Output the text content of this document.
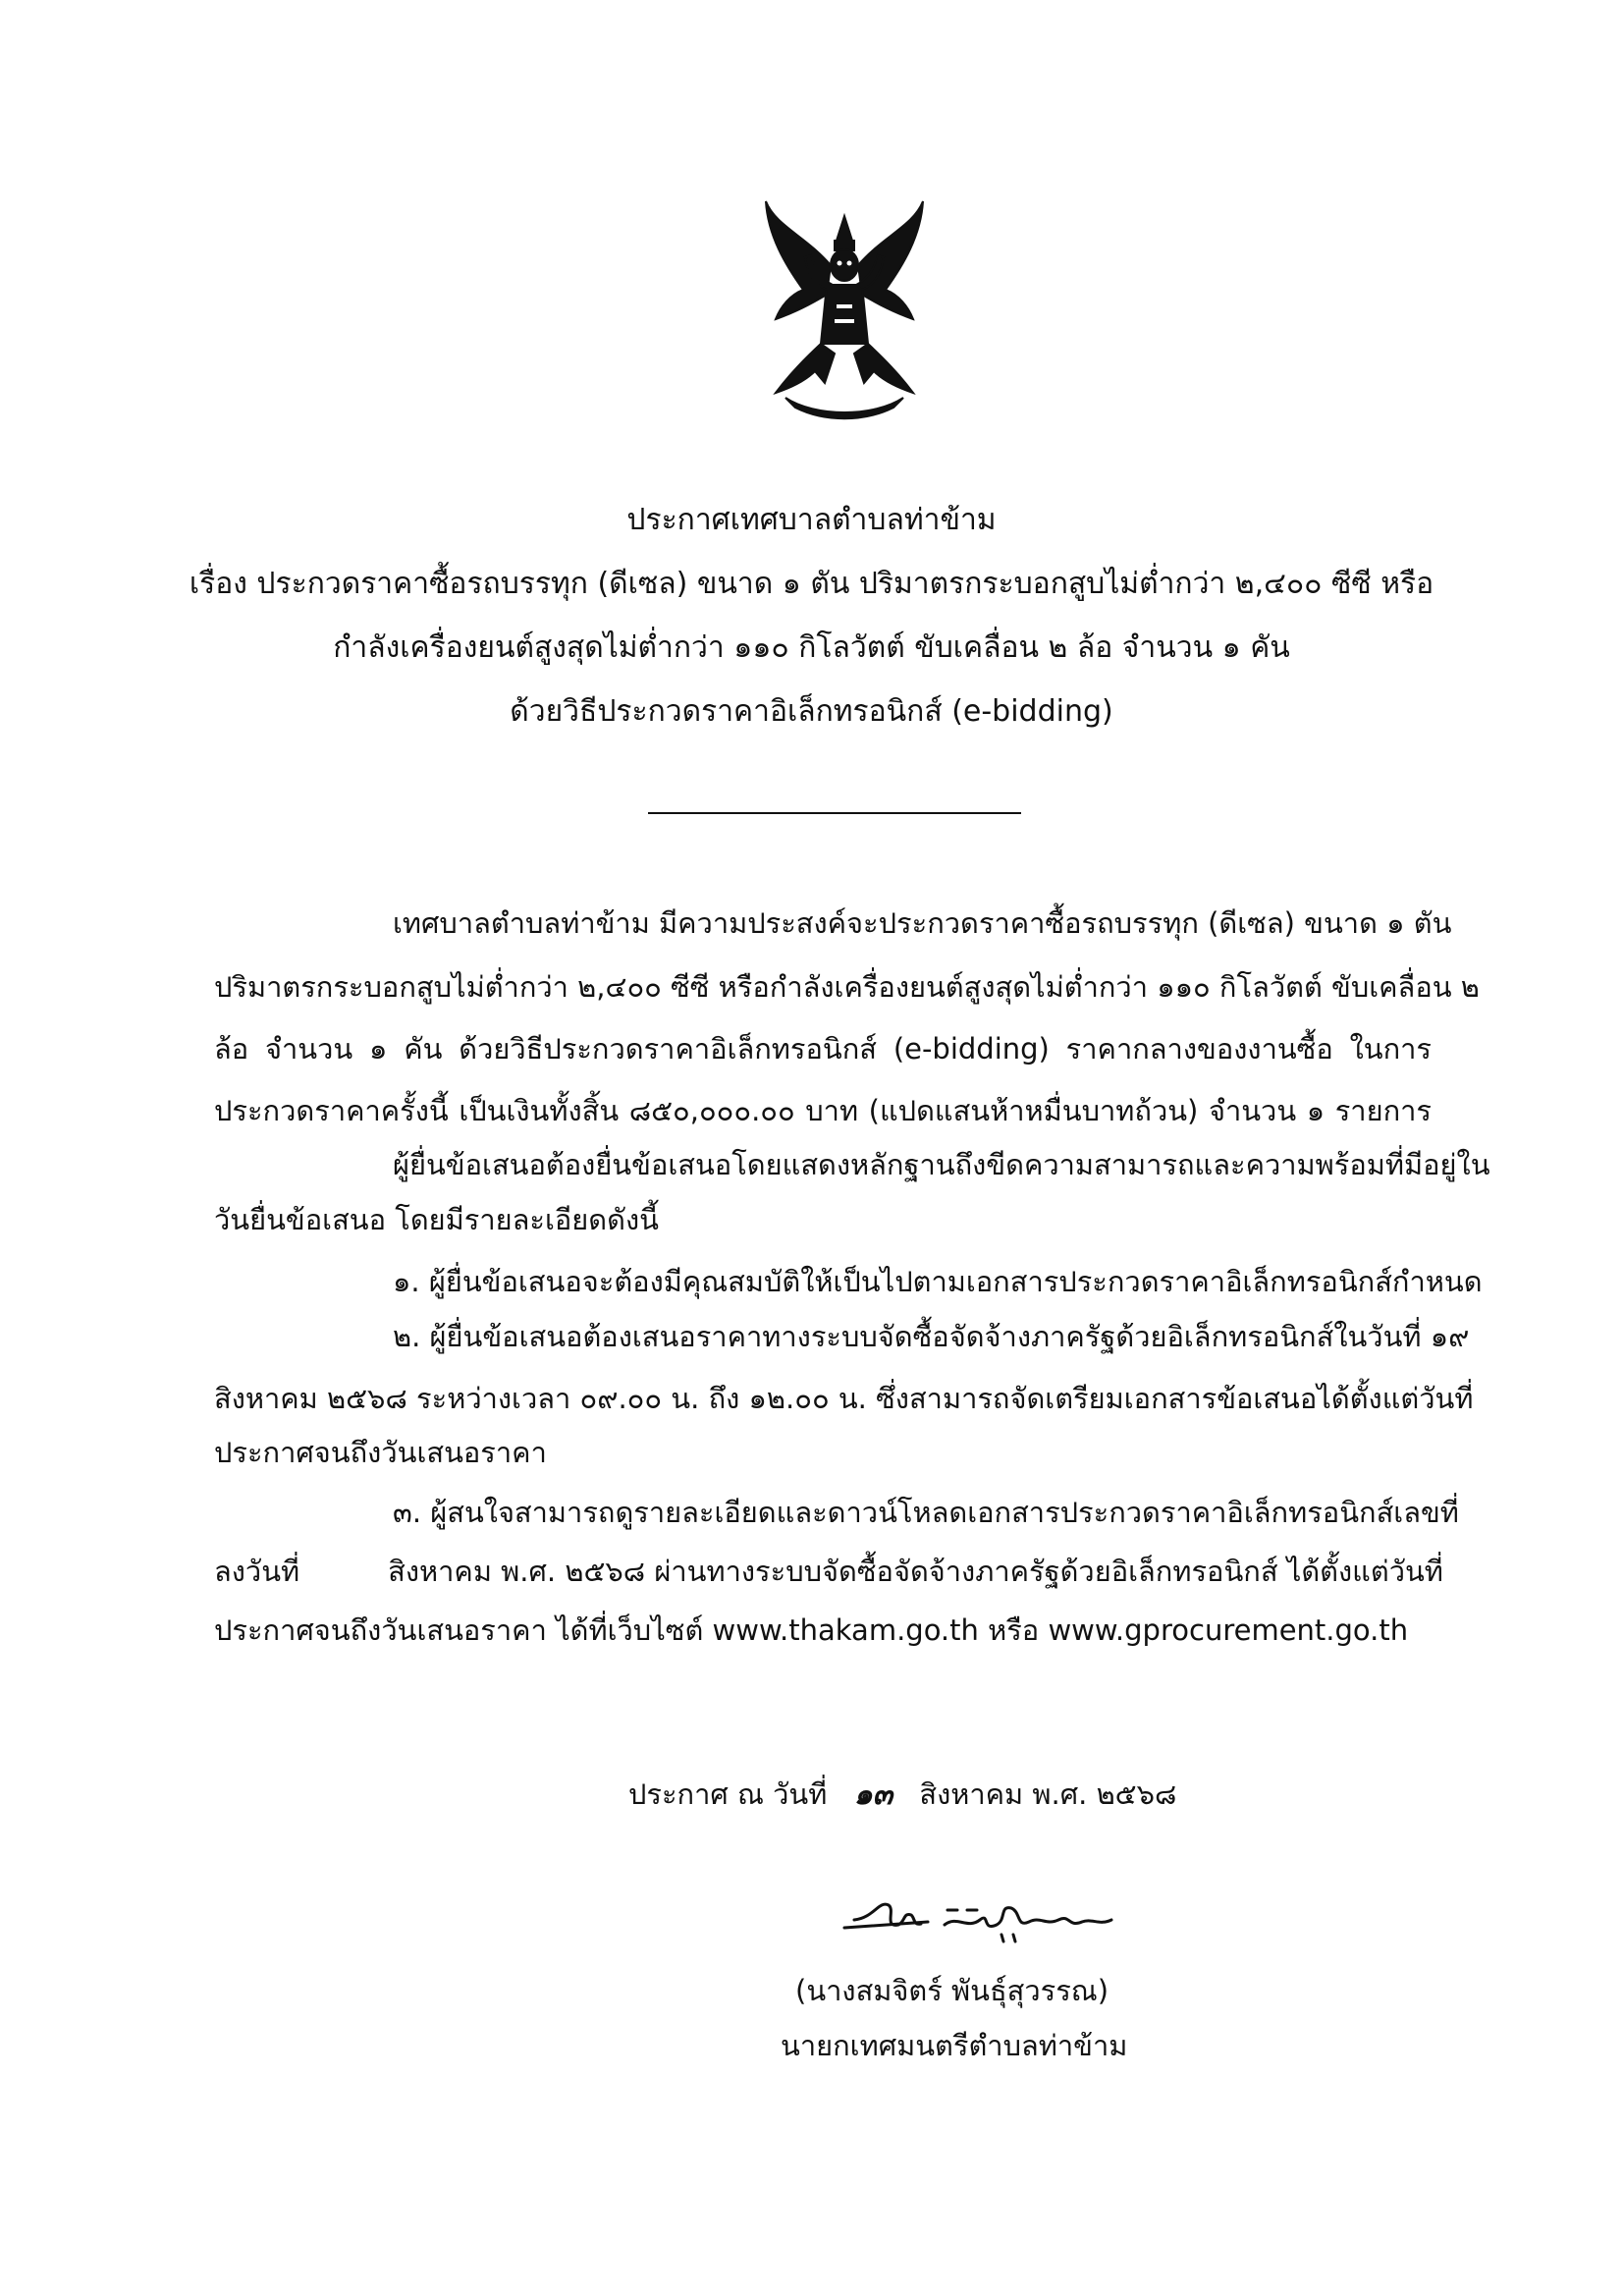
ประกาศเทศบาลตำบลท่าข้าม
เรื่อง ประกวดราคาซื้อรถบรรทุก (ดีเซล) ขนาด ๑ ตัน ปริมาตรกระบอกสูบไม่ต่ำกว่า ๒,๔๐๐ ซีซี หรือ
กำลังเครื่องยนต์สูงสุดไม่ต่ำกว่า ๑๑๐ กิโลวัตต์ ขับเคลื่อน ๒ ล้อ จำนวน ๑ คัน
ด้วยวิธีประกวดราคาอิเล็กทรอนิกส์ (e-bidding)
เทศบาลตำบลท่าข้าม มีความประสงค์จะประกวดราคาซื้อรถบรรทุก (ดีเซล) ขนาด ๑ ตัน
ปริมาตรกระบอกสูบไม่ต่ำกว่า ๒,๔๐๐ ซีซี หรือกำลังเครื่องยนต์สูงสุดไม่ต่ำกว่า ๑๑๐ กิโลวัตต์ ขับเคลื่อน ๒
ล้อ จำนวน ๑ คัน ด้วยวิธีประกวดราคาอิเล็กทรอนิกส์ (e-bidding) ราคากลางของงานซื้อ ในการ
ประกวดราคาครั้งนี้ เป็นเงินทั้งสิ้น ๘๕๐,๐๐๐.๐๐ บาท (แปดแสนห้าหมื่นบาทถ้วน) จำนวน ๑ รายการ
ผู้ยื่นข้อเสนอต้องยื่นข้อเสนอโดยแสดงหลักฐานถึงขีดความสามารถและความพร้อมที่มีอยู่ใน
วันยื่นข้อเสนอ โดยมีรายละเอียดดังนี้
๑. ผู้ยื่นข้อเสนอจะต้องมีคุณสมบัติให้เป็นไปตามเอกสารประกวดราคาอิเล็กทรอนิกส์กำหนด
๒. ผู้ยื่นข้อเสนอต้องเสนอราคาทางระบบจัดซื้อจัดจ้างภาครัฐด้วยอิเล็กทรอนิกส์ในวันที่ ๑๙
สิงหาคม ๒๕๖๘ ระหว่างเวลา ๐๙.๐๐ น. ถึง ๑๒.๐๐ น. ซึ่งสามารถจัดเตรียมเอกสารข้อเสนอได้ตั้งแต่วันที่
ประกาศจนถึงวันเสนอราคา
๓. ผู้สนใจสามารถดูรายละเอียดและดาวน์โหลดเอกสารประกวดราคาอิเล็กทรอนิกส์เลขที่
ลงวันที่	สิงหาคม พ.ศ. ๒๕๖๘ ผ่านทางระบบจัดซื้อจัดจ้างภาครัฐด้วยอิเล็กทรอนิกส์ ได้ตั้งแต่วันที่
ประกาศจนถึงวันเสนอราคา ได้ที่เว็บไซต์ www.thakam.go.th หรือ www.gprocurement.go.th
ประกาศ ณ วันที่ ๑๓ สิงหาคม พ.ศ. ๒๕๖๘
(นางสมจิตร์ พันธุ์สุวรรณ)
นายกเทศมนตรีตำบลท่าข้าม
